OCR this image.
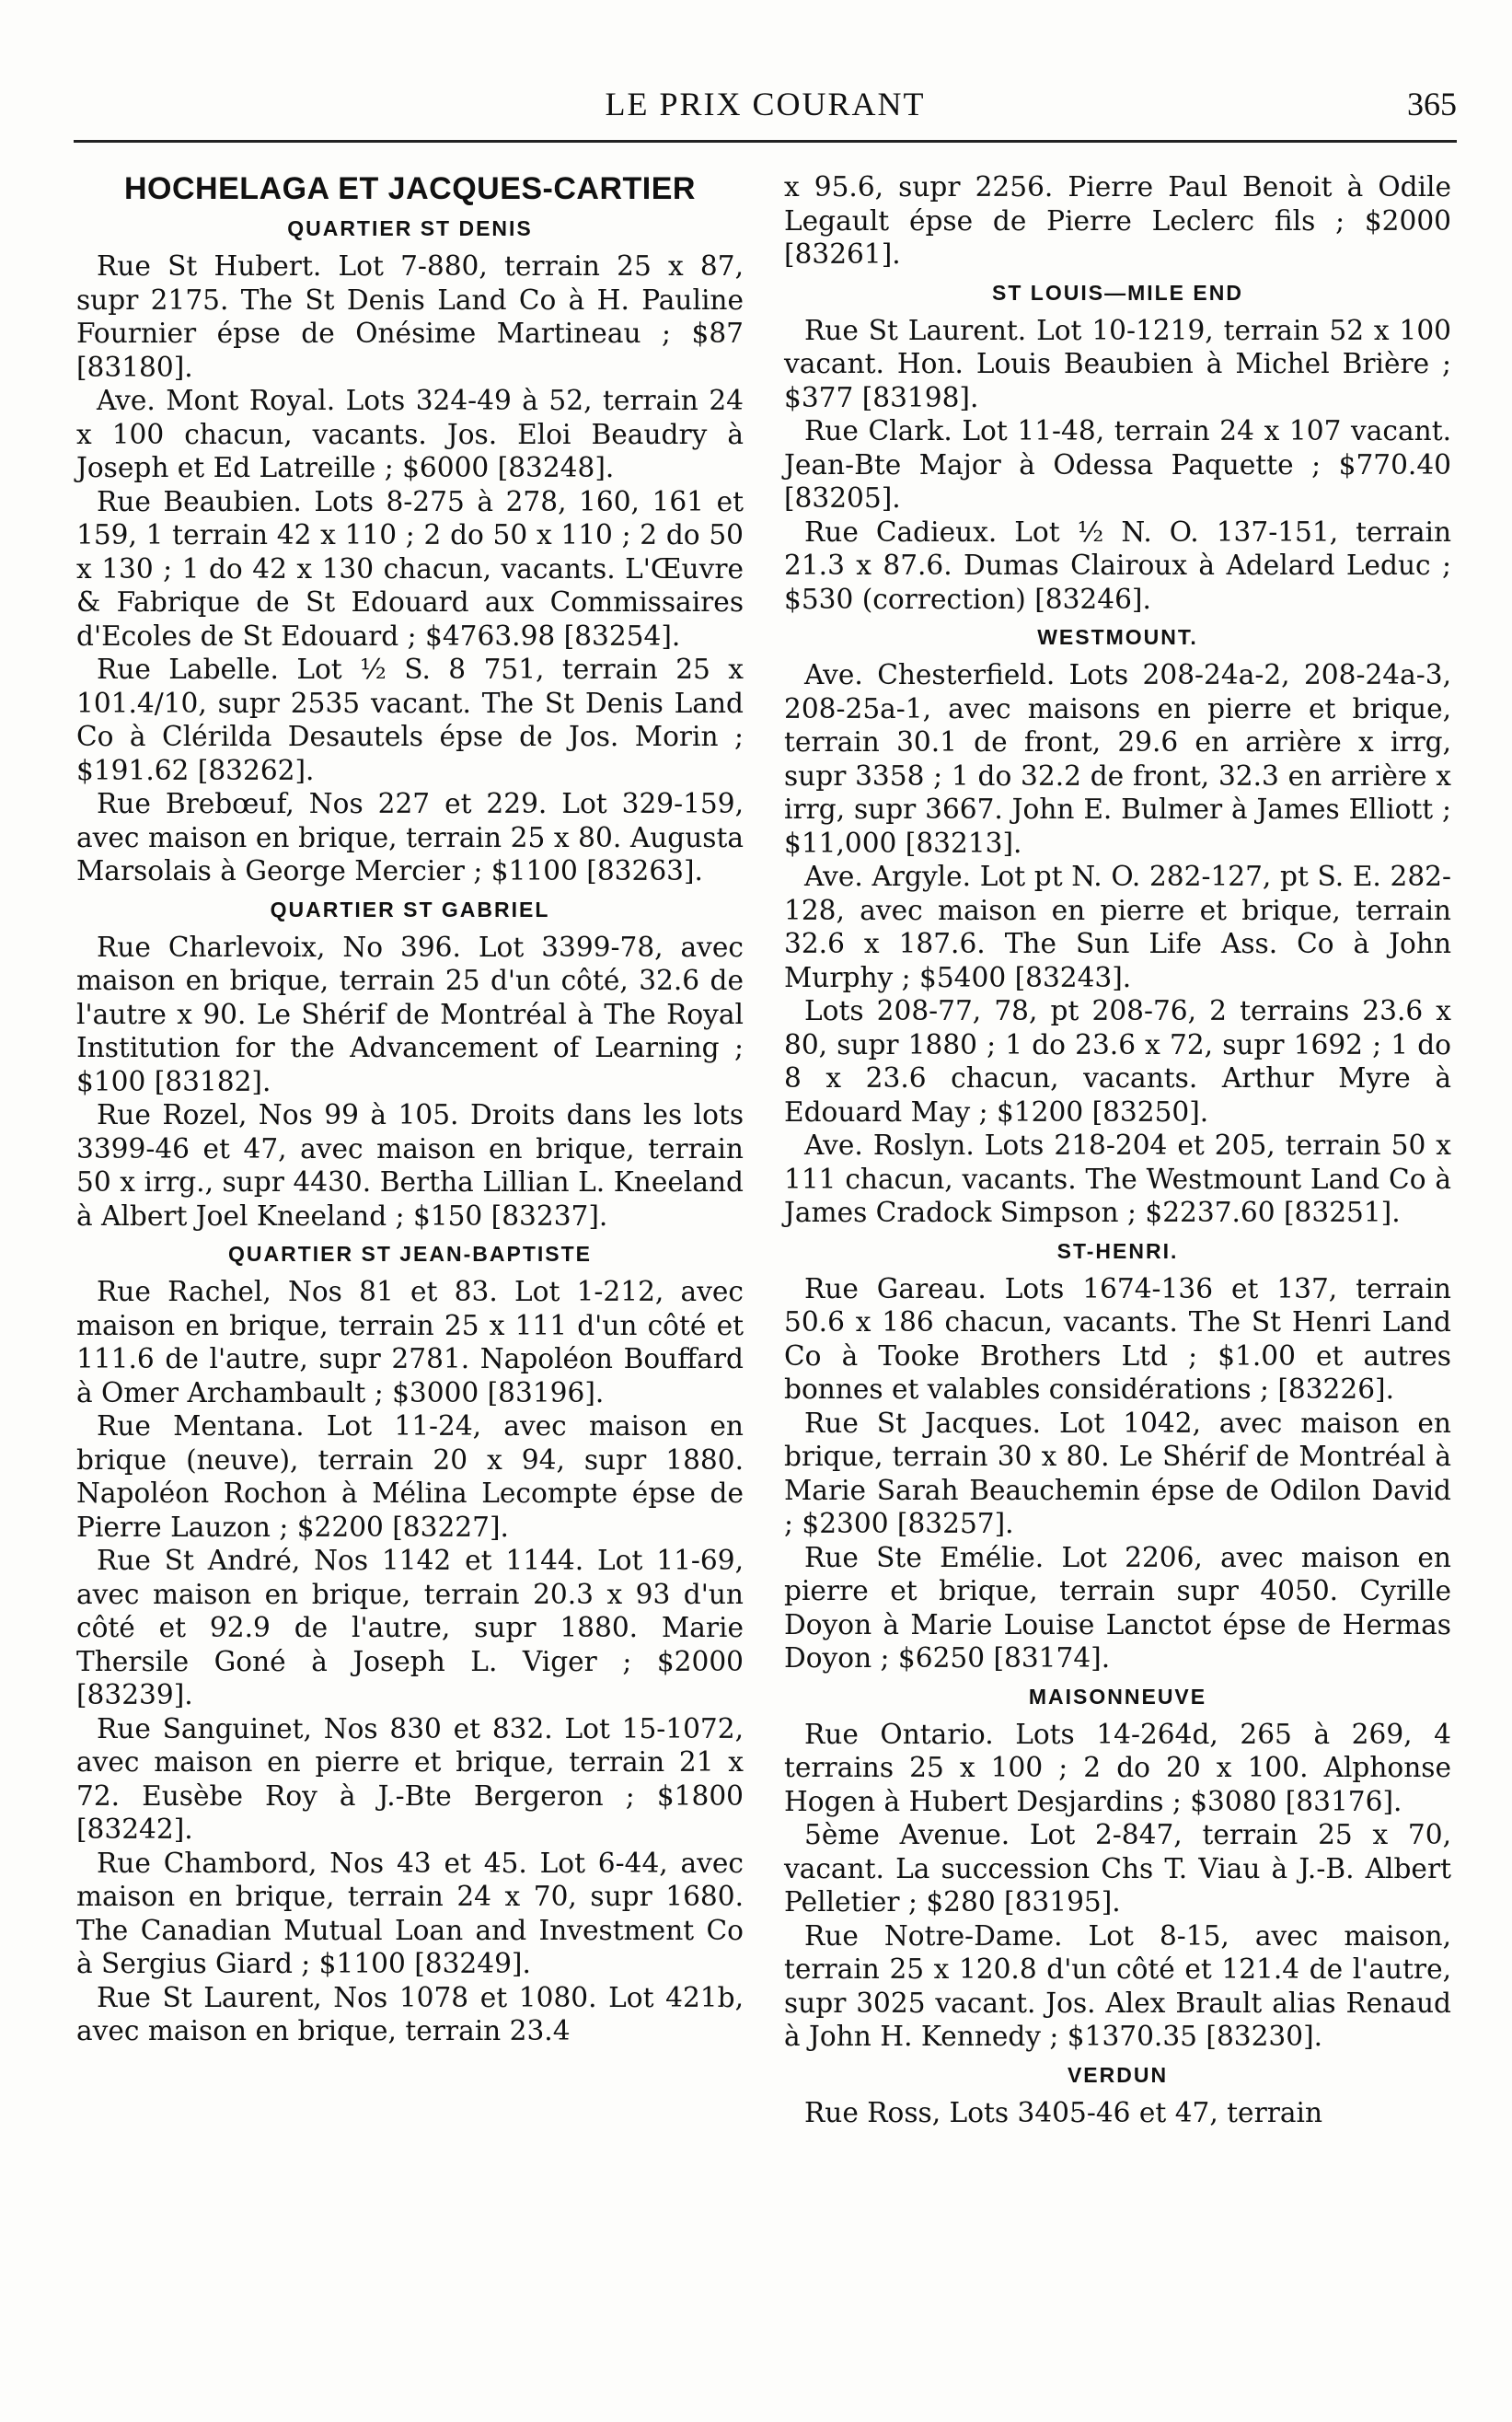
LE PRIX COURANT	365
HOCHELAGA ET JACQUES-CARTIER
QUARTIER ST DENIS

Rue St Hubert. Lot 7-880, terrain 25 x 87, supr 2175. The St Denis Land Co à H. Pauline Fournier épse de Onésime Martineau ; $87 [83180].

Ave. Mont Royal. Lots 324-49 à 52, terrain 24 x 100 chacun, vacants. Jos. Eloi Beaudry à Joseph et Ed Latreille ; $6000 [83248].

Rue Beaubien. Lots 8-275 à 278, 160, 161 et 159, 1 terrain 42 x 110 ; 2 do 50 x 110 ; 2 do 50 x 130 ; 1 do 42 x 130 chacun, vacants. L'Œuvre & Fabrique de St Edouard aux Commissaires d'Ecoles de St Edouard ; $4763.98 [83254].

Rue Labelle. Lot ½ S. 8 751, terrain 25 x 101.4/10, supr 2535 vacant. The St Denis Land Co à Clérilda Desautels épse de Jos. Morin ; $191.62 [83262].

Rue Brebœuf, Nos 227 et 229. Lot 329-159, avec maison en brique, terrain 25 x 80. Augusta Marsolais à George Mercier ; $1100 [83263].

QUARTIER ST GABRIEL

Rue Charlevoix, No 396. Lot 3399-78, avec maison en brique, terrain 25 d'un côté, 32.6 de l'autre x 90. Le Shérif de Montréal à The Royal Institution for the Advancement of Learning ; $100 [83182].

Rue Rozel, Nos 99 à 105. Droits dans les lots 3399-46 et 47, avec maison en brique, terrain 50 x irrg., supr 4430. Bertha Lillian L. Kneeland à Albert Joel Kneeland ; $150 [83237].

QUARTIER ST JEAN-BAPTISTE

Rue Rachel, Nos 81 et 83. Lot 1-212, avec maison en brique, terrain 25 x 111 d'un côté et 111.6 de l'autre, supr 2781. Napoléon Bouffard à Omer Archambault ; $3000 [83196].

Rue Mentana. Lot 11-24, avec maison en brique (neuve), terrain 20 x 94, supr 1880. Napoléon Rochon à Mélina Lecompte épse de Pierre Lauzon ; $2200 [83227].

Rue St André, Nos 1142 et 1144. Lot 11-69, avec maison en brique, terrain 20.3 x 93 d'un côté et 92.9 de l'autre, supr 1880. Marie Thersile Goné à Joseph L. Viger ; $2000 [83239].

Rue Sanguinet, Nos 830 et 832. Lot 15-1072, avec maison en pierre et brique, terrain 21 x 72. Eusèbe Roy à J.-Bte Bergeron ; $1800 [83242].

Rue Chambord, Nos 43 et 45. Lot 6-44, avec maison en brique, terrain 24 x 70, supr 1680. The Canadian Mutual Loan and Investment Co à Sergius Giard ; $1100 [83249].

Rue St Laurent, Nos 1078 et 1080. Lot 421b, avec maison en brique, terrain 23.4

x 95.6, supr 2256. Pierre Paul Benoit à Odile Legault épse de Pierre Leclerc fils ; $2000 [83261].

ST LOUIS—MILE END

Rue St Laurent. Lot 10-1219, terrain 52 x 100 vacant. Hon. Louis Beaubien à Michel Brière ; $377 [83198].

Rue Clark. Lot 11-48, terrain 24 x 107 vacant. Jean-Bte Major à Odessa Paquette ; $770.40 [83205].

Rue Cadieux. Lot ½ N. O. 137-151, terrain 21.3 x 87.6. Dumas Clairoux à Adelard Leduc ; $530 (correction) [83246].

WESTMOUNT.

Ave. Chesterfield. Lots 208-24a-2, 208-24a-3, 208-25a-1, avec maisons en pierre et brique, terrain 30.1 de front, 29.6 en arrière x irrg, supr 3358 ; 1 do 32.2 de front, 32.3 en arrière x irrg, supr 3667. John E. Bulmer à James Elliott ; $11,000 [83213].

Ave. Argyle. Lot pt N. O. 282-127, pt S. E. 282-128, avec maison en pierre et brique, terrain 32.6 x 187.6. The Sun Life Ass. Co à John Murphy ; $5400 [83243].

Lots 208-77, 78, pt 208-76, 2 terrains 23.6 x 80, supr 1880 ; 1 do 23.6 x 72, supr 1692 ; 1 do 8 x 23.6 chacun, vacants. Arthur Myre à Edouard May ; $1200 [83250].

Ave. Roslyn. Lots 218-204 et 205, terrain 50 x 111 chacun, vacants. The Westmount Land Co à James Cradock Simpson ; $2237.60 [83251].

ST-HENRI.

Rue Gareau. Lots 1674-136 et 137, terrain 50.6 x 186 chacun, vacants. The St Henri Land Co à Tooke Brothers Ltd ; $1.00 et autres bonnes et valables considérations ; [83226].

Rue St Jacques. Lot 1042, avec maison en brique, terrain 30 x 80. Le Shérif de Montréal à Marie Sarah Beauchemin épse de Odilon David ; $2300 [83257].

Rue Ste Emélie. Lot 2206, avec maison en pierre et brique, terrain supr 4050. Cyrille Doyon à Marie Louise Lanctot épse de Hermas Doyon ; $6250 [83174].

MAISONNEUVE

Rue Ontario. Lots 14-264d, 265 à 269, 4 terrains 25 x 100 ; 2 do 20 x 100. Alphonse Hogen à Hubert Desjardins ; $3080 [83176].

5ème Avenue. Lot 2-847, terrain 25 x 70, vacant. La succession Chs T. Viau à J.-B. Albert Pelletier ; $280 [83195].

Rue Notre-Dame. Lot 8-15, avec maison, terrain 25 x 120.8 d'un côté et 121.4 de l'autre, supr 3025 vacant. Jos. Alex Brault alias Renaud à John H. Kennedy ; $1370.35 [83230].

VERDUN

Rue Ross, Lots 3405-46 et 47, terrain
